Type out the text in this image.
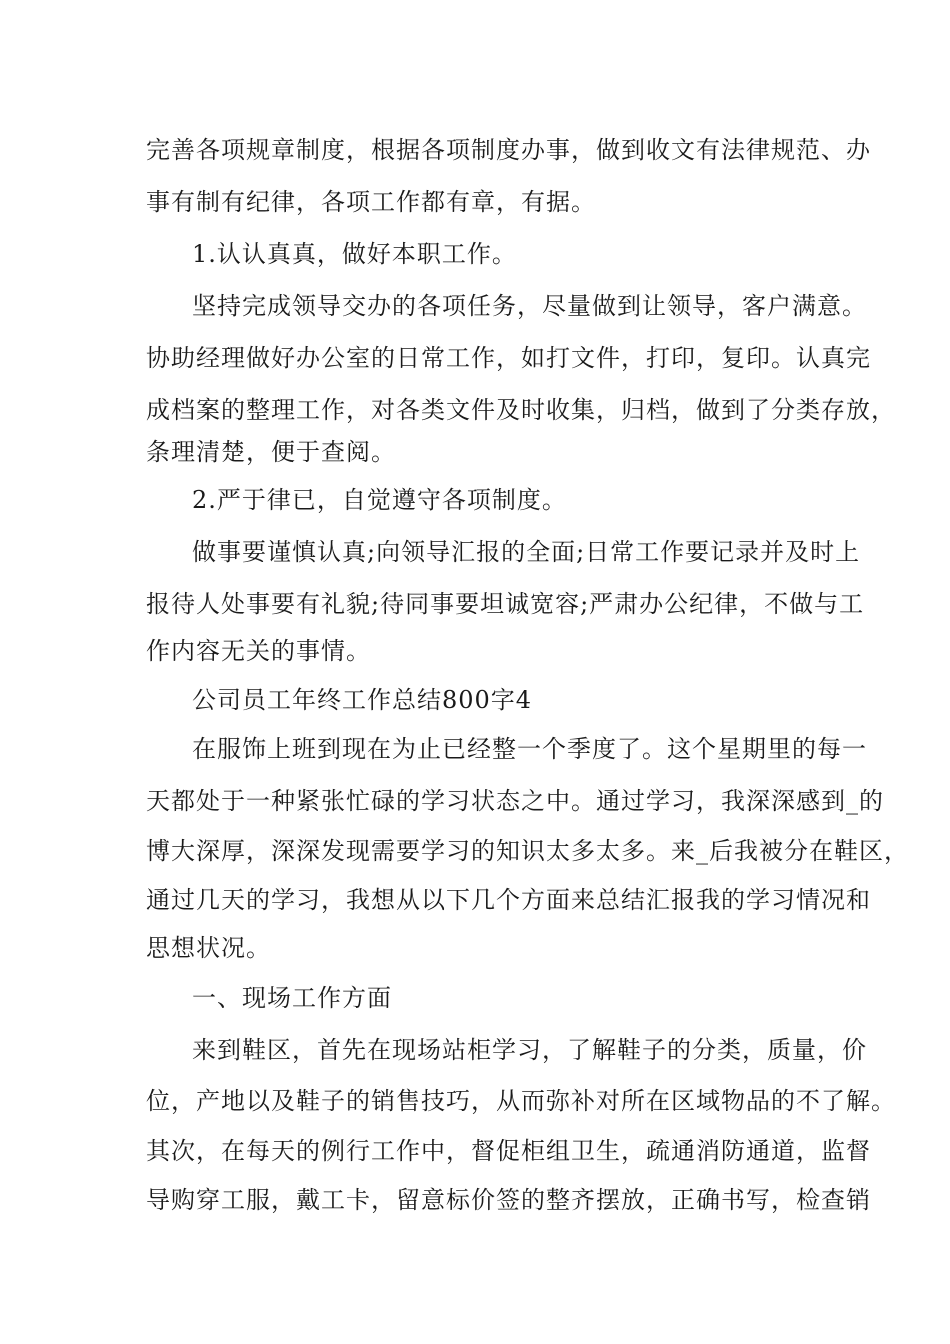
完善各项规章制度，根据各项制度办事，做到收文有法律规范、办
事有制有纪律，各项工作都有章，有据。
1.认认真真，做好本职工作。
坚持完成领导交办的各项任务，尽量做到让领导，客户满意。
协助经理做好办公室的日常工作，如打文件，打印，复印。认真完
成档案的整理工作，对各类文件及时收集，归档，做到了分类存放，
条理清楚，便于查阅。
2.严于律已，自觉遵守各项制度。
做事要谨慎认真;向领导汇报的全面;日常工作要记录并及时上
报待人处事要有礼貌;待同事要坦诚宽容;严肃办公纪律，不做与工
作内容无关的事情。
公司员工年终工作总结800字4
在服饰上班到现在为止已经整一个季度了。这个星期里的每一
天都处于一种紧张忙碌的学习状态之中。通过学习，我深深感到_的
博大深厚，深深发现需要学习的知识太多太多。来_后我被分在鞋区，
通过几天的学习，我想从以下几个方面来总结汇报我的学习情况和
思想状况。
一、现场工作方面
来到鞋区，首先在现场站柜学习，了解鞋子的分类，质量，价
位，产地以及鞋子的销售技巧，从而弥补对所在区域物品的不了解。
其次，在每天的例行工作中，督促柜组卫生，疏通消防通道，监督
导购穿工服，戴工卡，留意标价签的整齐摆放，正确书写，检查销
